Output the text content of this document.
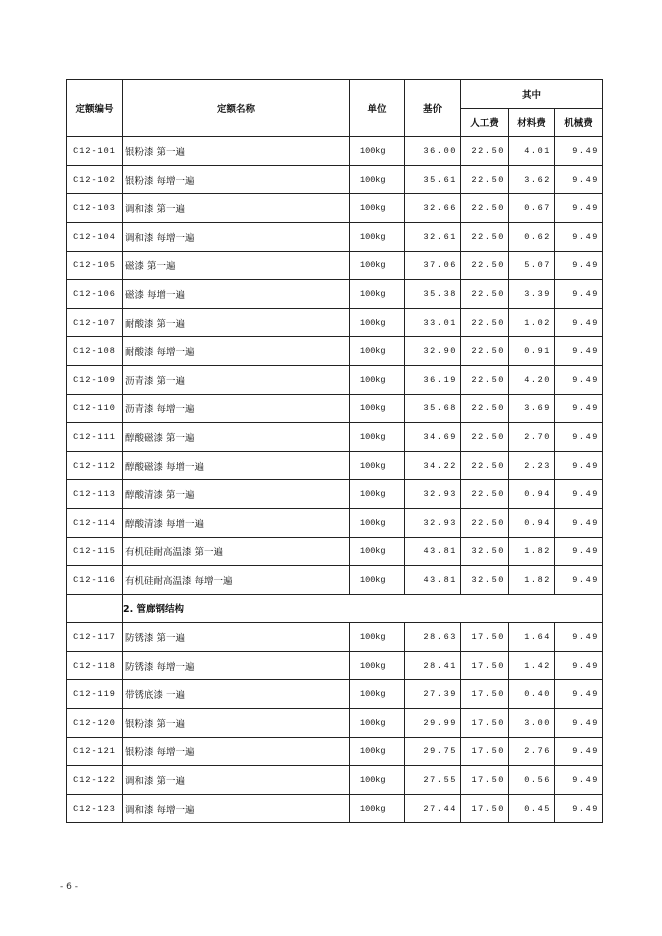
定额编号	定额名称	单位	基价	其中		
				人工费	材料费	机械费
C12-101	银粉漆 第一遍	100kg	36.00	22.50	4.01	9.49
C12-102	银粉漆 每增一遍	100kg	35.61	22.50	3.62	9.49
C12-103	调和漆 第一遍	100kg	32.66	22.50	0.67	9.49
C12-104	调和漆 每增一遍	100kg	32.61	22.50	0.62	9.49
C12-105	磁漆 第一遍	100kg	37.06	22.50	5.07	9.49
C12-106	磁漆 每增一遍	100kg	35.38	22.50	3.39	9.49
C12-107	耐酸漆 第一遍	100kg	33.01	22.50	1.02	9.49
C12-108	耐酸漆 每增一遍	100kg	32.90	22.50	0.91	9.49
C12-109	沥青漆 第一遍	100kg	36.19	22.50	4.20	9.49
C12-110	沥青漆 每增一遍	100kg	35.68	22.50	3.69	9.49
C12-111	醇酸磁漆 第一遍	100kg	34.69	22.50	2.70	9.49
C12-112	醇酸磁漆 每增一遍	100kg	34.22	22.50	2.23	9.49
C12-113	醇酸清漆 第一遍	100kg	32.93	22.50	0.94	9.49
C12-114	醇酸清漆 每增一遍	100kg	32.93	22.50	0.94	9.49
C12-115	有机硅耐高温漆 第一遍	100kg	43.81	32.50	1.82	9.49
C12-116	有机硅耐高温漆 每增一遍	100kg	43.81	32.50	1.82	9.49
	2. 管廊钢结构					
C12-117	防锈漆 第一遍	100kg	28.63	17.50	1.64	9.49
C12-118	防锈漆 每增一遍	100kg	28.41	17.50	1.42	9.49
C12-119	带锈底漆 一遍	100kg	27.39	17.50	0.40	9.49
C12-120	银粉漆 第一遍	100kg	29.99	17.50	3.00	9.49
C12-121	银粉漆 每增一遍	100kg	29.75	17.50	2.76	9.49
C12-122	调和漆 第一遍	100kg	27.55	17.50	0.56	9.49
C12-123	调和漆 每增一遍	100kg	27.44	17.50	0.45	9.49
- 6 -
